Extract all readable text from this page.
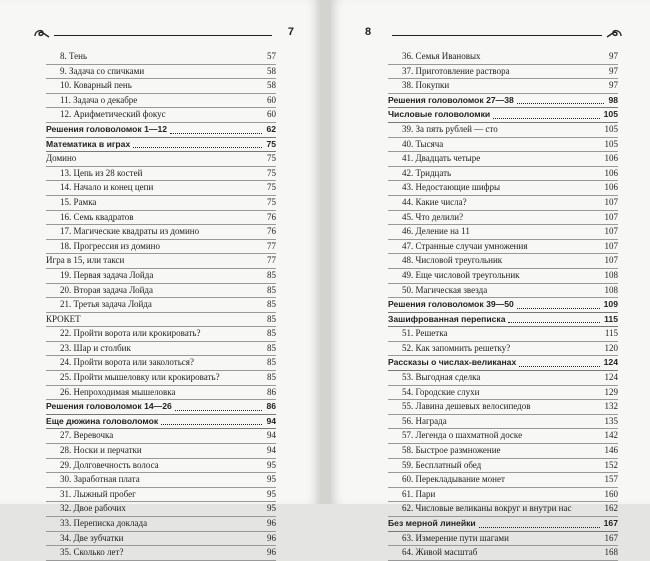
7
8. Тень	57
9. Задача со спичками	58
10. Коварный пень	58
11. Задача о декабре	60
12. Арифметический фокус	60
Решения головоломок 1—12	62
Математика в играх	75
Домино	75
13. Цепь из 28 костей	75
14. Начало и конец цепи	75
15. Рамка	75
16. Семь квадратов	76
17. Магические квадраты из домино	76
18. Прогрессия из домино	77
Игра в 15, или такси	77
19. Первая задача Лойда	85
20. Вторая задача Лойда	85
21. Третья задача Лойда	85
КРОКЕТ	85
22. Пройти ворота или крокировать?	85
23. Шар и столбик	85
24. Пройти ворота или заколоться?	85
25. Пройти мышеловку или крокировать?	85
26. Непроходимая мышеловка	86
Решения головоломок 14—26	86
Еще дюжина головоломок	94
27. Веревочка	94
28. Носки и перчатки	94
29. Долговечность волоса	95
30. Заработная плата	95
31. Лыжный пробег	95
32. Двое рабочих	95
33. Переписка доклада	96
34. Две зубчатки	96
35. Сколько лет?	96
8
36. Семья Ивановых	97
37. Приготовление раствора	97
38. Покупки	97
Решения головоломок 27—38	98
Числовые головоломки	105
39. За пять рублей — сто	105
40. Тысяча	105
41. Двадцать четыре	106
42. Тридцать	106
43. Недостающие шифры	106
44. Какие числа?	107
45. Что делили?	107
46. Деление на 11	107
47. Странные случаи умножения	107
48. Числовой треугольник	107
49. Еще числовой треугольник	108
50. Магическая звезда	108
Решения головоломок 39—50	109
Зашифрованная переписка	115
51. Решетка	115
52. Как запомнить решетку?	120
Рассказы о числах-великанах	124
53. Выгодная сделка	124
54. Городские слухи	129
55. Лавина дешевых велосипедов	132
56. Награда	135
57. Легенда о шахматной доске	142
58. Быстрое размножение	146
59. Бесплатный обед	152
60. Перекладывание монет	157
61. Пари	160
62. Числовые великаны вокруг и внутри нас	162
Без мерной линейки	167
63. Измерение пути шагами	167
64. Живой масштаб	168
